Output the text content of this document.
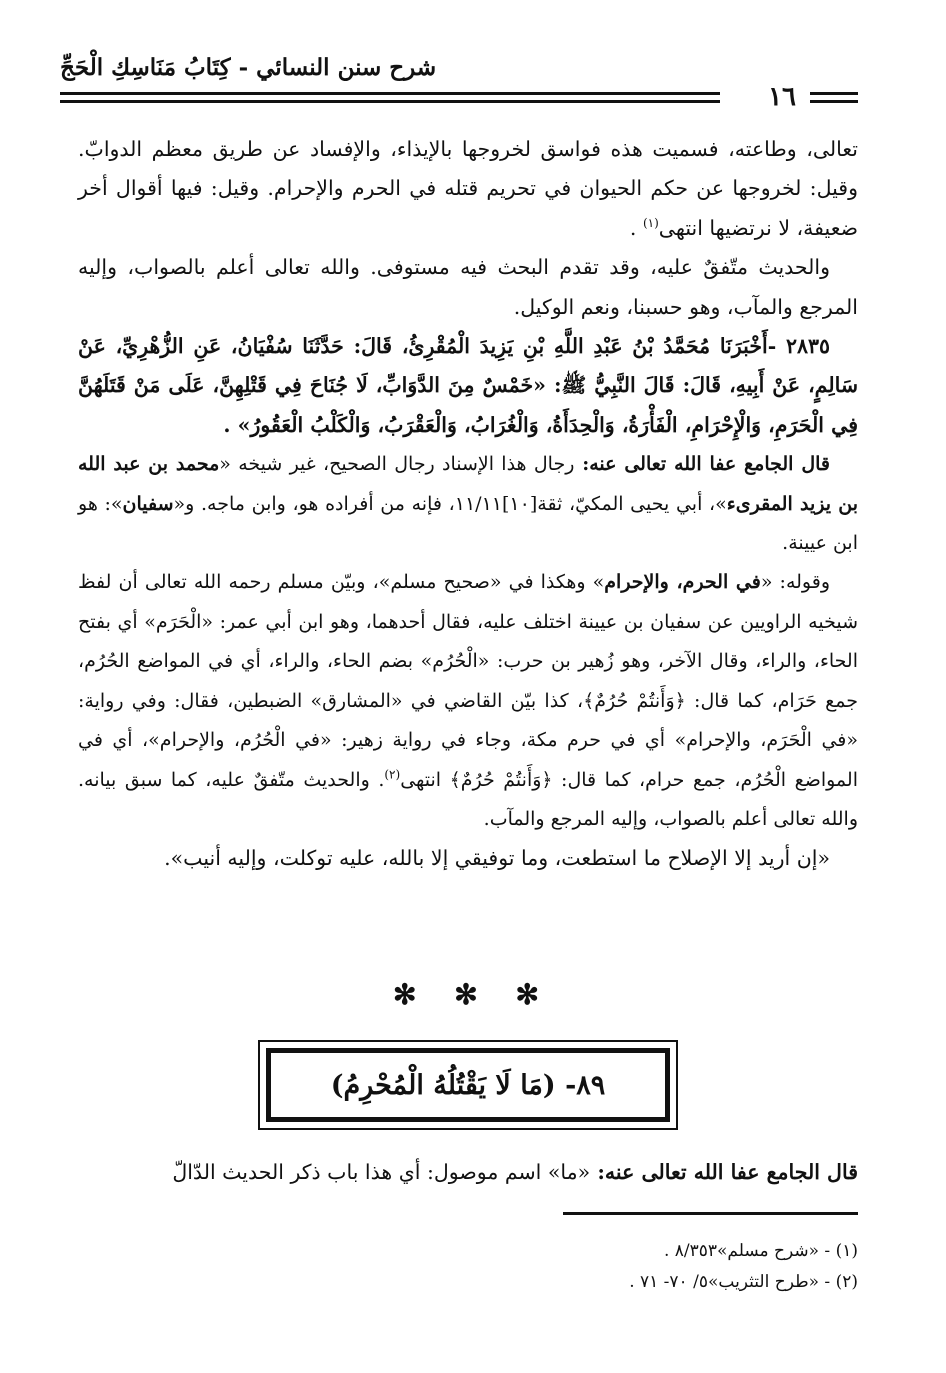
شرح سنن النسائي - كِتَابُ مَنَاسِكِ الْحَجِّ
١٦

تعالى، وطاعته، فسميت هذه فواسق لخروجها بالإيذاء، والإفساد عن طريق معظم الدوابّ. وقيل: لخروجها عن حكم الحيوان في تحريم قتله في الحرم والإحرام. وقيل: فيها أقوال أخر ضعيفة، لا نرتضيها انتهى$^{(١)}$ .

والحديث متّفقٌ عليه، وقد تقدم البحث فيه مستوفى. والله تعالى أعلم بالصواب، وإليه المرجع والمآب، وهو حسبنا، ونعم الوكيل.

٢٨٣٥ -أَخْبَرَنَا مُحَمَّدُ بْنُ عَبْدِ اللَّهِ بْنِ يَزِيدَ الْمُقْرِئُ، قَالَ: حَدَّثَنَا سُفْيَانُ، عَنِ الزُّهْرِيِّ، عَنْ سَالِمٍ، عَنْ أَبِيهِ، قَالَ: قَالَ النَّبِيُّ ﷺ: «خَمْسٌ مِنَ الدَّوَابِّ، لَا جُنَاحَ فِي قَتْلِهِنَّ، عَلَى مَنْ قَتَلَهُنَّ فِي الْحَرَمِ، وَالْإِحْرَامِ، الْفَأْرَةُ، وَالْحِدَأَةُ، وَالْغُرَابُ، وَالْعَقْرَبُ، وَالْكَلْبُ الْعَقُورُ» .

قال الجامع عفا الله تعالى عنه: رجال هذا الإسناد رجال الصحيح، غير شيخه «محمد بن عبد الله بن يزيد المقرىء»، أبي يحيى المكيّ، ثقة[١٠]١١/١١، فإنه من أفراده هو، وابن ماجه. و«سفيان»: هو ابن عيينة.

وقوله: «في الحرم، والإحرام» وهكذا في «صحيح مسلم»، وبيّن مسلم رحمه الله تعالى أن لفظ شيخيه الراويين عن سفيان بن عيينة اختلف عليه، فقال أحدهما، وهو ابن أبي عمر: «الْحَرَم» أي بفتح الحاء، والراء، وقال الآخر، وهو زُهير بن حرب: «الْحُرُم» بضم الحاء، والراء، أي في المواضع الحُرُم، جمع حَرَام، كما قال: ﴿وَأَنتُمْ حُرُمٌ﴾، كذا بيّن القاضي في «المشارق» الضبطين، فقال: وفي رواية: «في الْحَرَم، والإحرام» أي في حرم مكة، وجاء في رواية زهير: «في الْحُرُم، والإحرام»، أي في المواضع الْحُرُم، جمع حرام، كما قال: ﴿وَأَنتُمْ حُرُمٌ﴾ انتهى$^{(٢)}$. والحديث متّفقٌ عليه، كما سبق بيانه. والله تعالى أعلم بالصواب، وإليه المرجع والمآب.

«إن أريد إلا الإصلاح ما استطعت، وما توفيقي إلا بالله، عليه توكلت، وإليه أنيب».

✻ ✻ ✻
٨٩- (مَا لَا يَقْتُلُهُ الْمُحْرِمُ)
قال الجامع عفا الله تعالى عنه: «ما» اسم موصول: أي هذا باب ذكر الحديث الدّالّ
(١) - «شرح مسلم»٨/٣٥٣ .
(٢) - «طرح التثريب»٥/ ٧٠- ٧١ .
